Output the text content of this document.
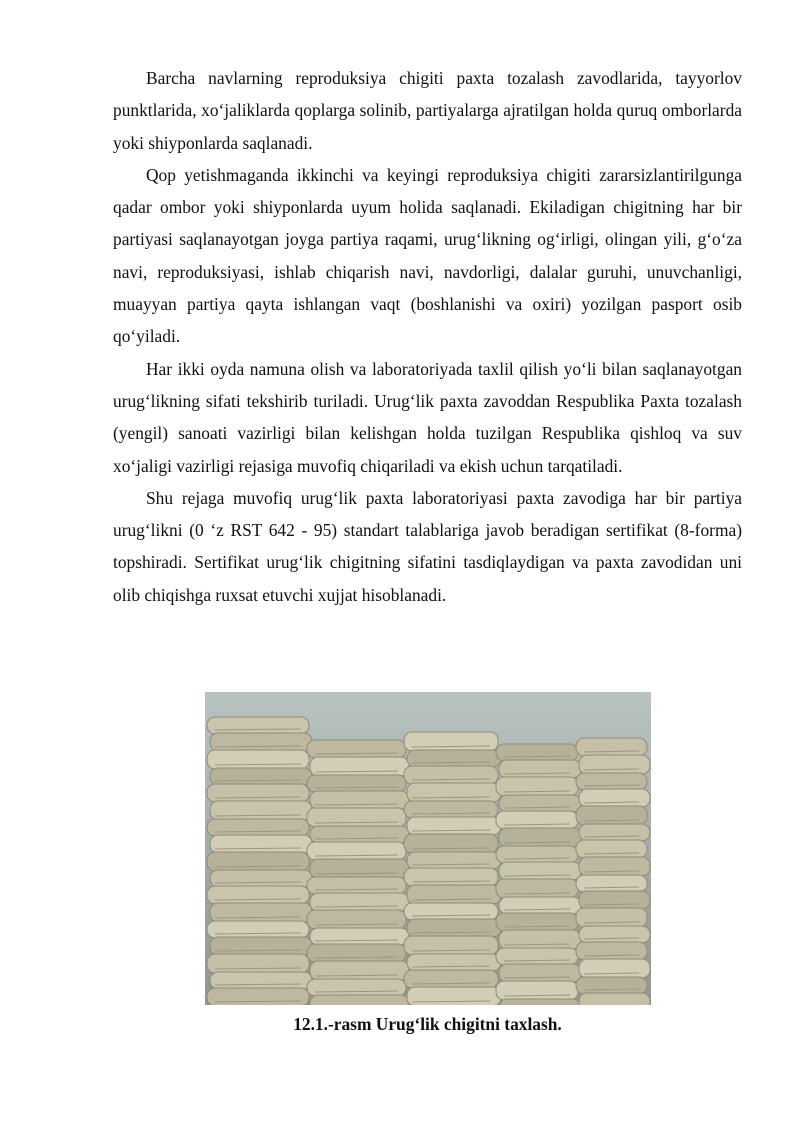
Barcha navlarning reproduksiya chigiti paxta tozalash zavodlarida, tayyorlov punktlarida, xo‘jaliklarda qoplarga solinib, partiyalarga ajratilgan holda quruq omborlarda yoki shiyponlarda saqlanadi.

Qop yetishmaganda ikkinchi va keyingi reproduksiya chigiti zararsizlantirilgunga qadar ombor yoki shiyponlarda uyum holida saqlanadi. Ekiladigan chigitning har bir partiyasi saqlanayotgan joyga partiya raqami, urug‘likning og‘irligi, olingan yili, g‘o‘za navi, reproduksiyasi, ishlab chiqarish navi, navdorligi, dalalar guruhi, unuvchanligi, muayyan partiya qayta ishlangan vaqt (boshlanishi va oxiri) yozilgan pasport osib qo‘yiladi.

Har ikki oyda namuna olish va laboratoriyada taxlil qilish yo‘li bilan saqlanayotgan urug‘likning sifati tekshirib turiladi. Urug‘lik paxta zavoddan Respublika Paxta tozalash (yengil) sanoati vazirligi bilan kelishgan holda tuzilgan Respublika qishloq va suv xo‘jaligi vazirligi rejasiga muvofiq chiqariladi va ekish uchun tarqatiladi.

Shu rejaga muvofiq urug‘lik paxta laboratoriyasi paxta zavodiga har bir partiya urug‘likni (0 ‘z RST 642 - 95) standart talablariga javob beradigan sertifikat (8-forma) topshiradi. Sertifikat urug‘lik chigitning sifatini tasdiqlaydigan va paxta zavodidan uni olib chiqishga ruxsat etuvchi xujjat hisoblanadi.

12.1.-rasm Urug‘lik chigitni taxlash.
